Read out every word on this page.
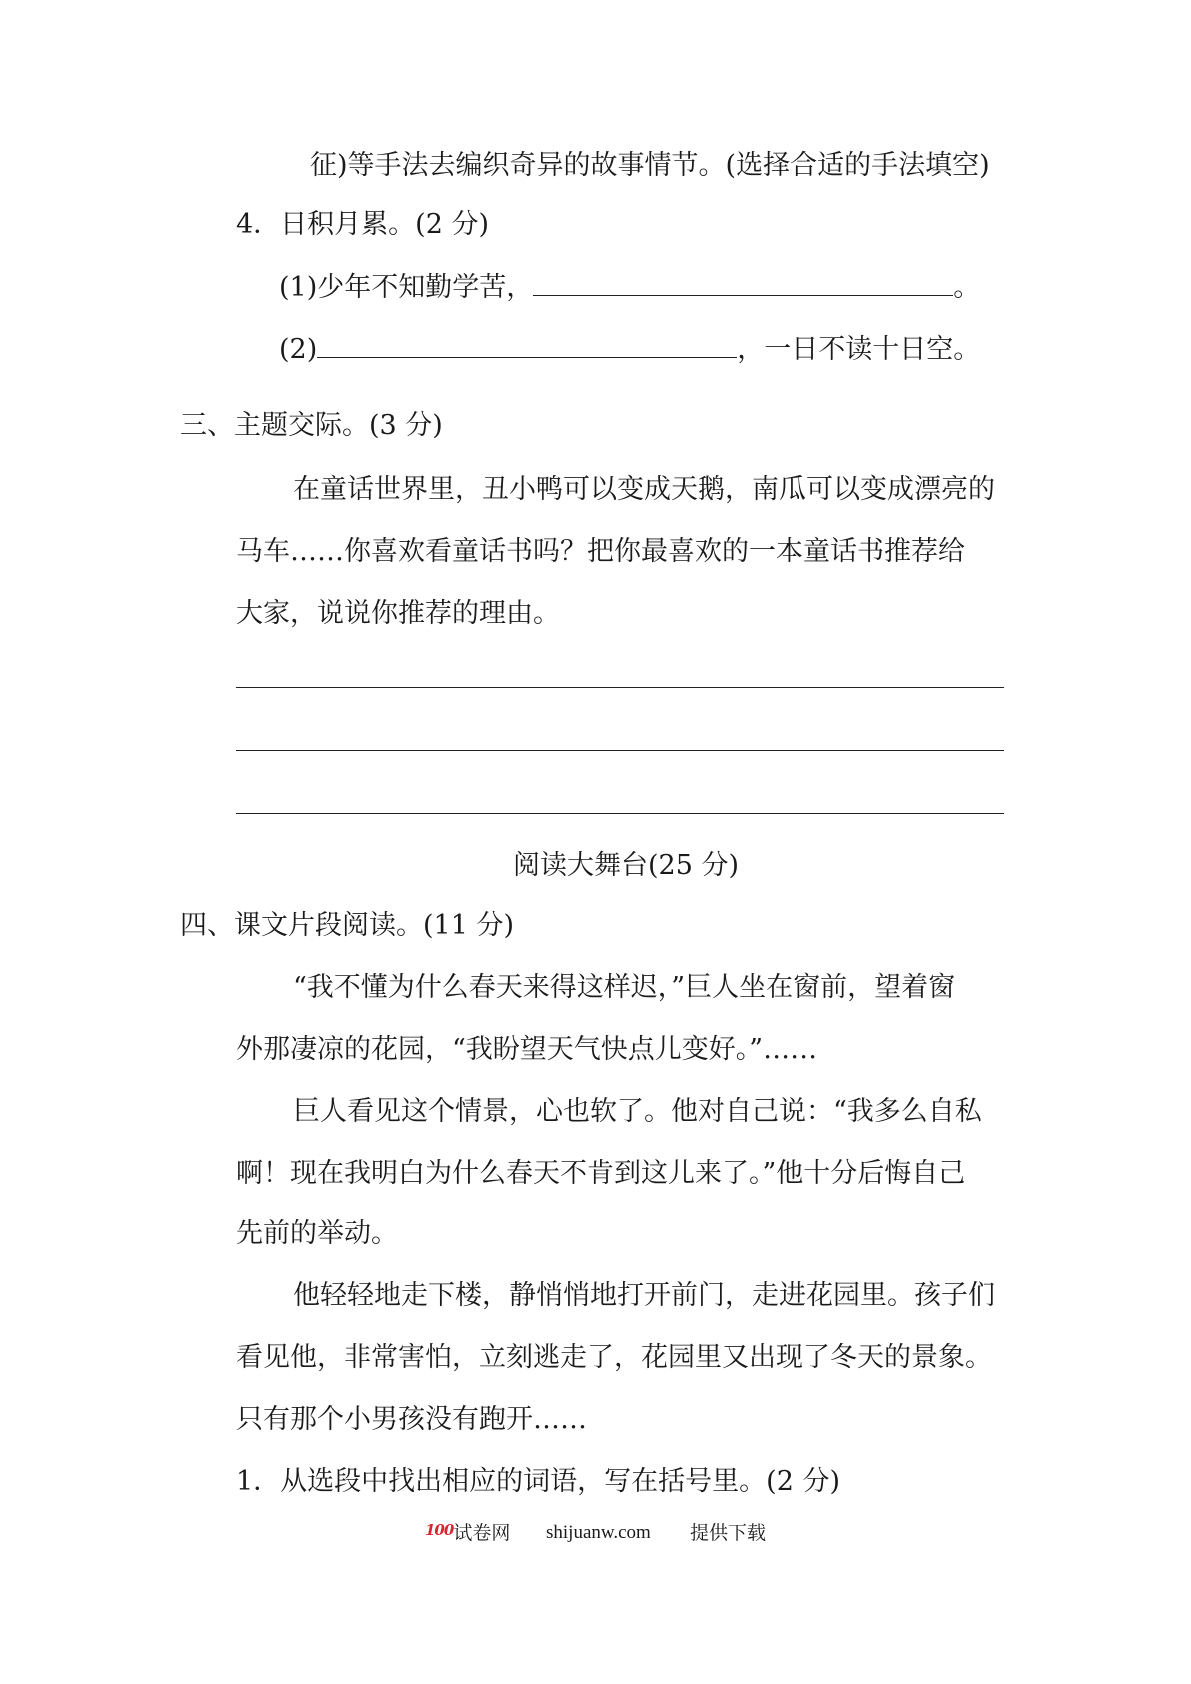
征)等手法去编织奇异的故事情节。(选择合适的手法填空)
4．日积月累。(2 分)
(1)少年不知勤学苦，	。
(2)	，一日不读十日空。
三、主题交际。(3 分)
在童话世界里，丑小鸭可以变成天鹅，南瓜可以变成漂亮的
马车……你喜欢看童话书吗？把你最喜欢的一本童话书推荐给
大家，说说你推荐的理由。
阅读大舞台(25 分)
四、课文片段阅读。(11 分)
“我不懂为什么春天来得这样迟，”巨人坐在窗前，望着窗
外那凄凉的花园，“我盼望天气快点儿变好。”……
巨人看见这个情景，心也软了。他对自己说：“我多么自私
啊！现在我明白为什么春天不肯到这儿来了。”他十分后悔自己
先前的举动。
他轻轻地走下楼，静悄悄地打开前门，走进花园里。孩子们
看见他，非常害怕，立刻逃走了，花园里又出现了冬天的景象。
只有那个小男孩没有跑开……
1．从选段中找出相应的词语，写在括号里。(2 分)
$^{100}$试卷网 shijuanw.com 提供下载
